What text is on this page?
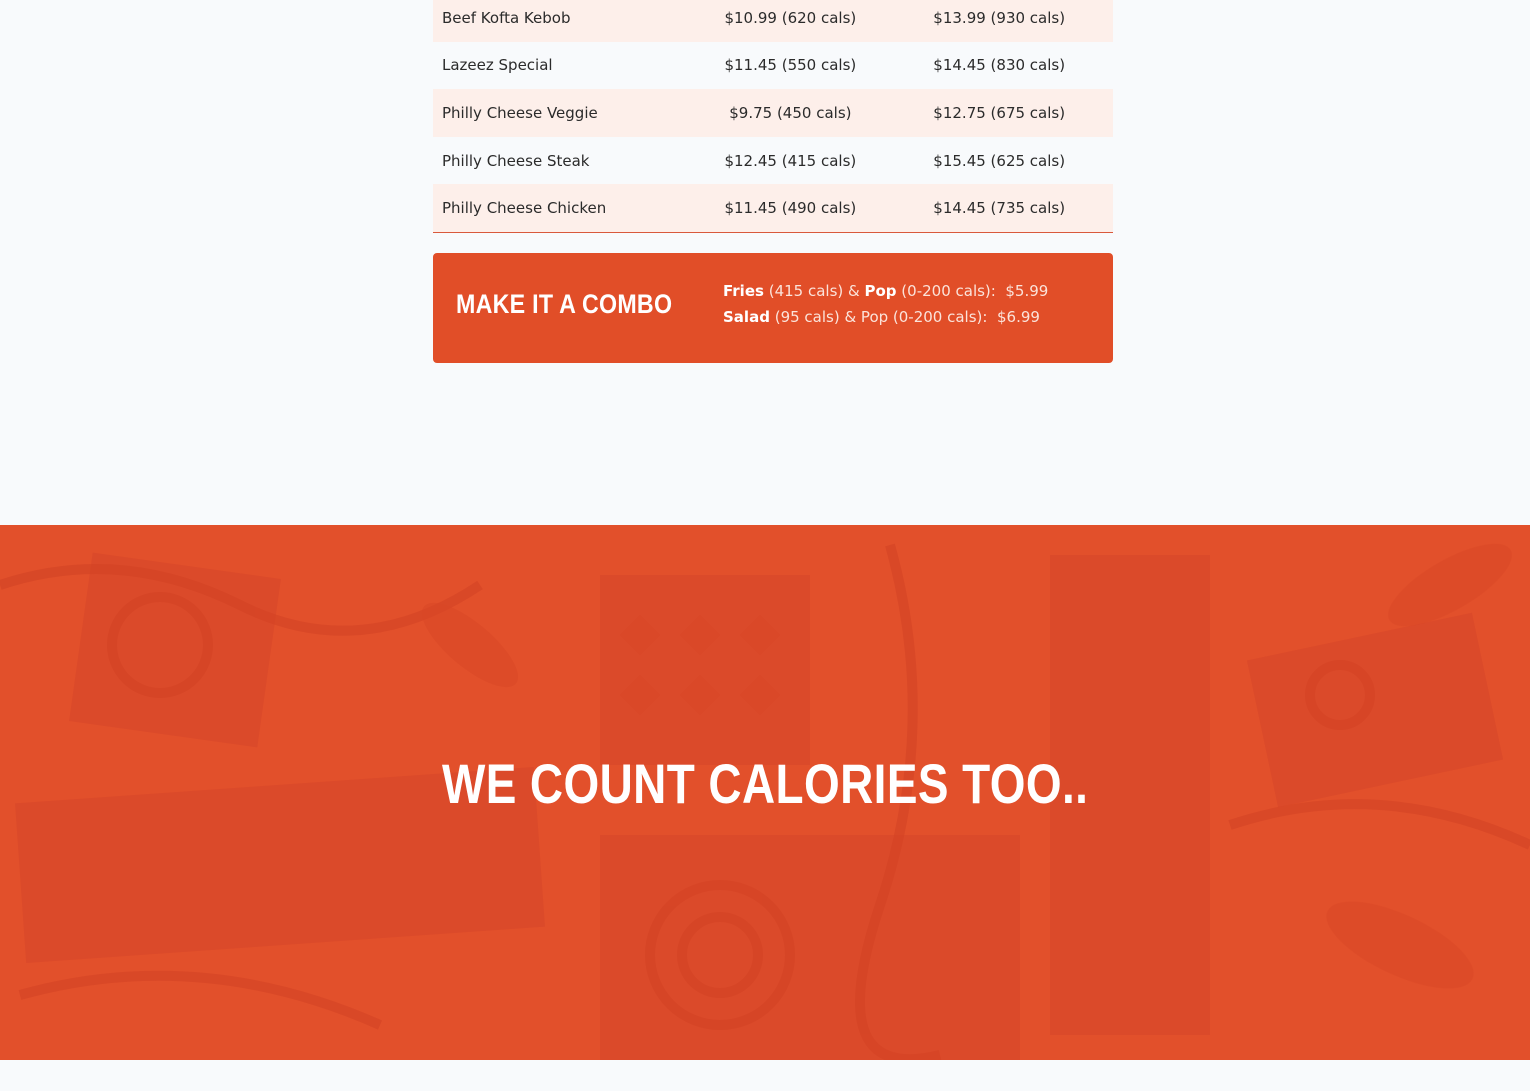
Beef Kofta Kebob	$10.99 (620 cals)	$13.99 (930 cals)
Lazeez Special	$11.45 (550 cals)	$14.45 (830 cals)
Philly Cheese Veggie	$9.75 (450 cals)	$12.75 (675 cals)
Philly Cheese Steak	$12.45 (415 cals)	$15.45 (625 cals)
Philly Cheese Chicken	$11.45 (490 cals)	$14.45 (735 cals)
MAKE IT A COMBO	Fries (415 cals) & Pop (0-200 cals): $5.99
Salad (95 cals) & Pop (0-200 cals): $6.99
WE COUNT CALORIES TOO..
